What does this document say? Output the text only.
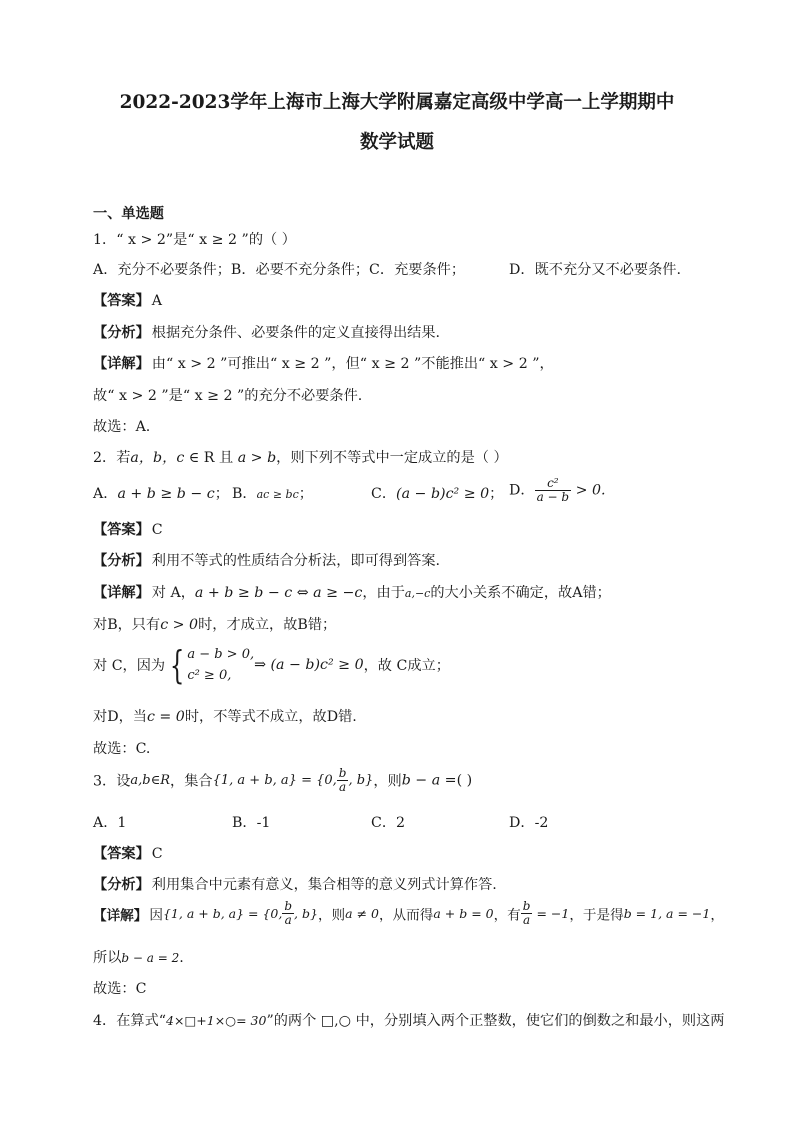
2022-2023学年上海市上海大学附属嘉定高级中学高一上学期期中
数学试题
一、单选题
1．“ x > 2”是“ x ≥ 2 ”的（ ）
A．充分不必要条件；B．必要不充分条件；C．充要条件；	D．既不充分又不必要条件.
【答案】 A
【分析】 根据充分条件、必要条件的定义直接得出结果.
【详解】 由“ x > 2 ”可推出“ x ≥ 2 ”，但“ x ≥ 2 ”不能推出“ x > 2 ”，
故“ x > 2 ”是“ x ≥ 2 ”的充分不必要条件.
故选：A.
2．若a，b，c ∈ R 且 a > b，则下列不等式中一定成立的是（ ）
A．a + b ≥ b − c； B．ac ≥ bc；	C．(a − b)c² ≥ 0； D． $\frac{\text{c²}}{a - b} > 0$.
【答案】 C
【分析】 利用不等式的性质结合分析法，即可得到答案.
【详解】 对 A，a + b ≥ b − c ⇔ a ≥ −c，由于a,−c的大小关系不确定，故A错；
对B，只有c > 0时，才成立，故B错；
对 C，因为 { a − b > 0,
c² ≥ 0,
⇒ (a − b)c² ≥ 0，故 C成立；
对D，当c = 0时，不等式不成立，故D错.
故选：C.
3．设a,b∈R，集合{1, a + b, a} = {0, $\frac{b}{a}$ , b}，则b − a =( )
A．1	B．-1	C．2	D．-2
【答案】 C
【分析】 利用集合中元素有意义，集合相等的意义列式计算作答.
【详解】 因{1, a + b, a} = {0, $\frac{b}{a}$ , b}，则a ≠ 0，从而得a + b = 0，有 $\frac{b}{a} = -1$，于是得b = 1, a = −1，
所以b − a = 2.
故选：C
4．在算式“4×□+1×○= 30”的两个 □,○ 中，分别填入两个正整数，使它们的倒数之和最小，则这两
